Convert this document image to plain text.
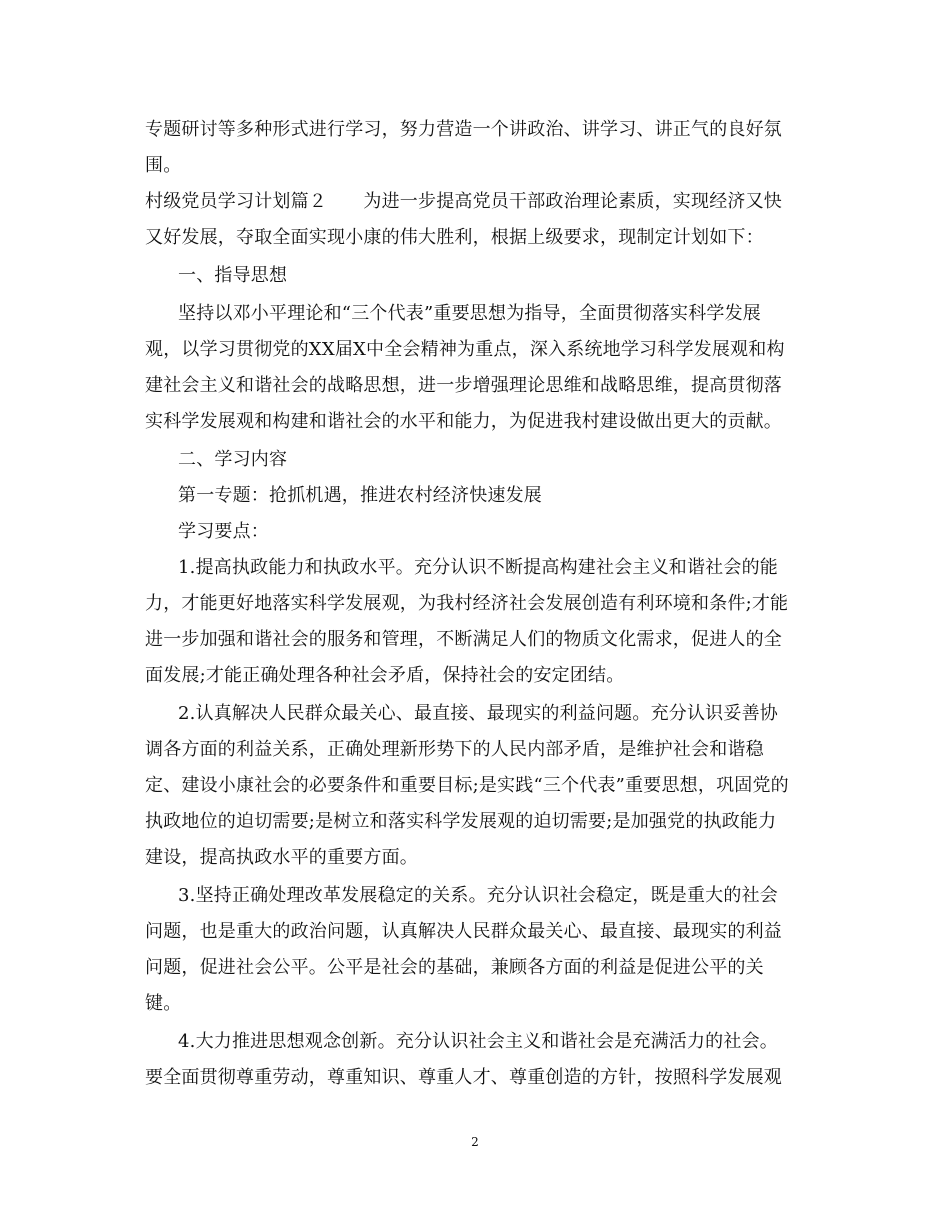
专题研讨等多种形式进行学习，努力营造一个讲政治、讲学习、讲正气的良好氛
围。
村级党员学习计划篇２　　为进一步提高党员干部政治理论素质，实现经济又快
又好发展，夺取全面实现小康的伟大胜利，根据上级要求，现制定计划如下：
一、指导思想
坚持以邓小平理论和“三个代表”重要思想为指导，全面贯彻落实科学发展
观，以学习贯彻党的XX届X中全会精神为重点，深入系统地学习科学发展观和构
建社会主义和谐社会的战略思想，进一步增强理论思维和战略思维，提高贯彻落
实科学发展观和构建和谐社会的水平和能力，为促进我村建设做出更大的贡献。
二、学习内容
第一专题：抢抓机遇，推进农村经济快速发展
学习要点：
1.提高执政能力和执政水平。充分认识不断提高构建社会主义和谐社会的能
力，才能更好地落实科学发展观，为我村经济社会发展创造有利环境和条件;才能
进一步加强和谐社会的服务和管理，不断满足人们的物质文化需求，促进人的全
面发展;才能正确处理各种社会矛盾，保持社会的安定团结。
2.认真解决人民群众最关心、最直接、最现实的利益问题。充分认识妥善协
调各方面的利益关系，正确处理新形势下的人民内部矛盾，是维护社会和谐稳
定、建设小康社会的必要条件和重要目标;是实践“三个代表”重要思想，巩固党的
执政地位的迫切需要;是树立和落实科学发展观的迫切需要;是加强党的执政能力
建设，提高执政水平的重要方面。
3.坚持正确处理改革发展稳定的关系。充分认识社会稳定，既是重大的社会
问题，也是重大的政治问题，认真解决人民群众最关心、最直接、最现实的利益
问题，促进社会公平。公平是社会的基础，兼顾各方面的利益是促进公平的关
键。
4.大力推进思想观念创新。充分认识社会主义和谐社会是充满活力的社会。
要全面贯彻尊重劳动，尊重知识、尊重人才、尊重创造的方针，按照科学发展观
2
